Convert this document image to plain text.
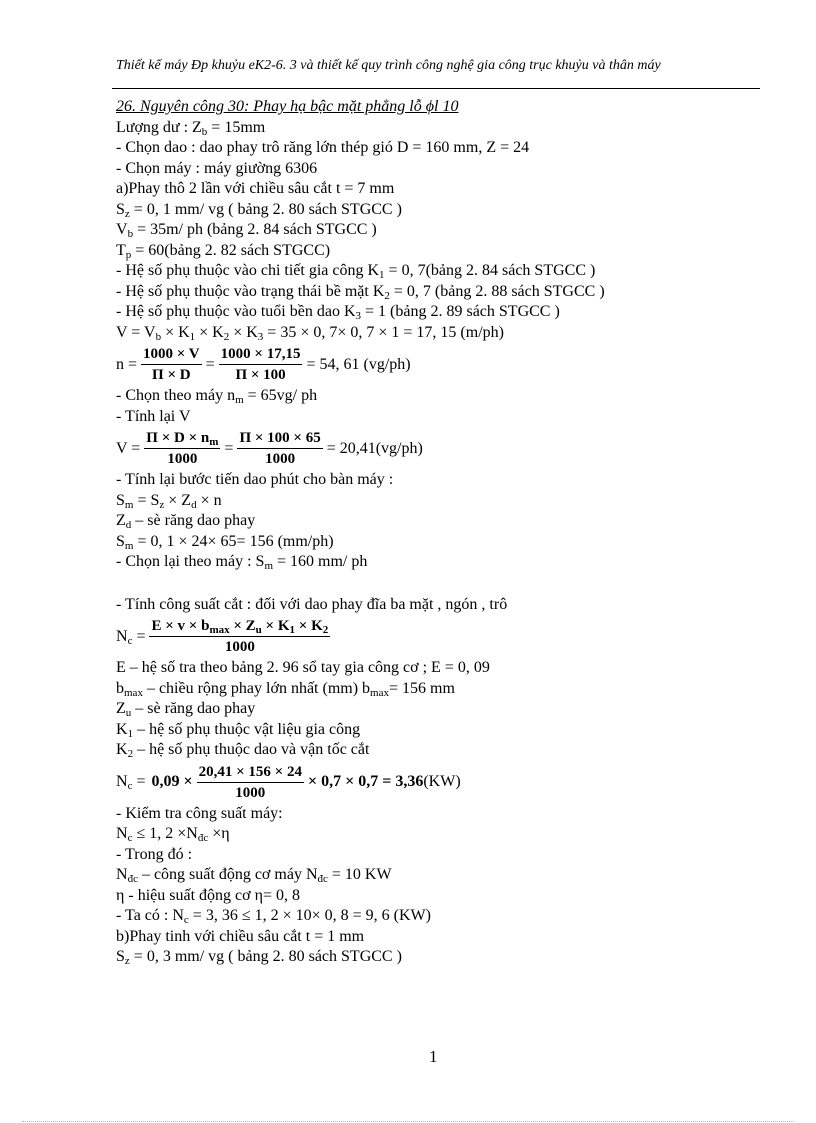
Thiết kế máy Đp khuỷu eK2-6. 3 và thiết kế quy trình công nghệ gia công trục khuỷu và thân máy
26. Nguyên công 30: Phay hạ bậc mặt phẳng lỗ ϕl 10
Lượng dư : $Z_b = 15mm$
- Chọn dao : dao phay trô răng lớn thép gió D = 160 mm, Z = 24
- Chọn máy : máy giường 6306
a)Phay thô 2 lần với chiều sâu cắt t = 7 mm
$S_z = 0$, 1 mm/ vg ( bảng 2. 80 sách STGCC )
$V_b = 35m/$ ph (bảng 2. 84 sách STGCC )
$T_p$ = 60(bảng 2. 82 sách STGCC)
- Hệ số phụ thuộc vào chi tiết gia công $K_1 = 0$, 7(bảng 2. 84 sách STGCC )
- Hệ số phụ thuộc vào trạng thái bề mặt $K_2 = 0$, 7 (bảng 2. 88 sách STGCC )
- Hệ số phụ thuộc vào tuổi bền dao $K_3 = 1$ (bảng 2. 89 sách STGCC )
$V = V_b \times K_1 \times K_2 \times K_3 = 35 \times 0$, 7× 0, 7 × 1 = 17, 15 (m/ph)
$n = \frac{1000 \times V}{\Pi \times D} = \frac{1000 \times 17,15}{\Pi \times 100} = 54$, 61 (vg/ph)
- Chọn theo máy $n_m = 65vg/$ ph
- Tính lại V
$V = \frac{\Pi \times D \times n_m}{1000} = \frac{\Pi \times 100 \times 65}{1000} = 20,41(vg/ph)$
- Tính lại bước tiến dao phút cho bàn máy :
$S_m = S_z \times Z_d \times n$
$Z_d$ – sè răng dao phay
$S_m = 0$, 1 × 24× 65= 156 (mm/ph)
- Chọn lại theo máy : $S_m = 160$ mm/ ph
- Tính công suất cắt : đối với dao phay đĩa ba mặt , ngón , trô
$N_c = \frac{E \times v \times b_{max} \times Z_u \times K_1 \times K_2}{1000}$
E – hệ số tra theo bảng 2. 96 sổ tay gia công cơ ; E = 0, 09
$b_{max}$ – chiều rộng phay lớn nhất (mm) $b_{max}= 156$ mm
$Z_u$ – sè răng dao phay
$K_1$ – hệ số phụ thuộc vật liệu gia công
$K_2$ – hệ số phụ thuộc dao và vận tốc cắt
$N_c = 0,09 \times \frac{20,41 \times 156 \times 24}{1000} \times 0,7 \times 0,7 = 3,36$ (KW)
- Kiểm tra công suất máy:
$N_c \le 1$, $2 \times N_{đc} \times\eta$
- Trong đó :
$N_{đc}$ – công suất động cơ máy $N_{đc} = 10$ KW
η - hiệu suất động cơ η= 0, 8
- Ta có : $N_c = 3$, 36 ≤ 1, 2 × 10× 0, 8 = 9, 6 (KW)
b)Phay tinh với chiều sâu cắt t = 1 mm
$S_z = 0$, 3 mm/ vg ( bảng 2. 80 sách STGCC )
1
